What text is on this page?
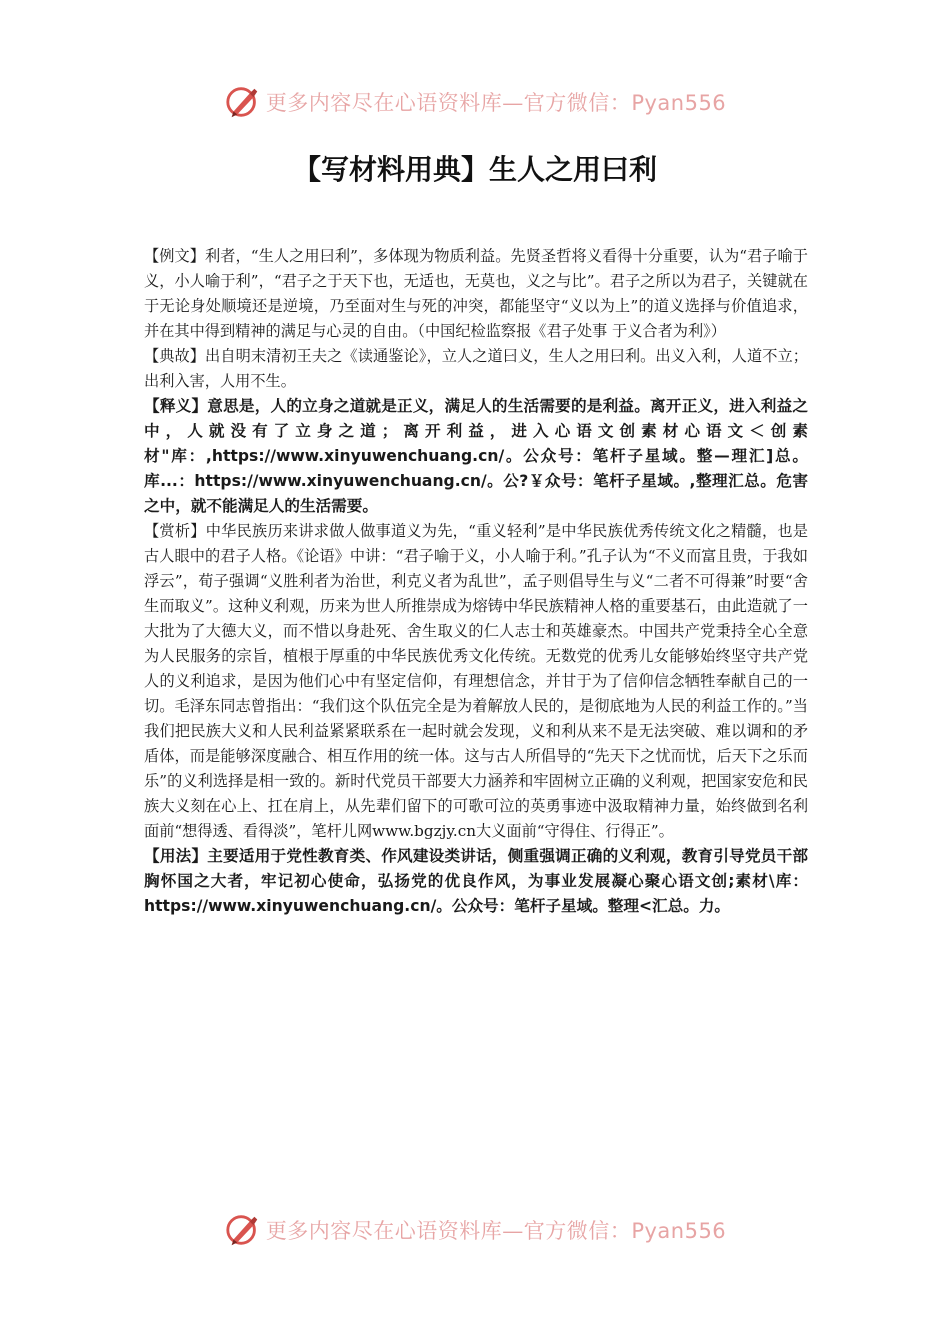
更多内容尽在心语资料库—官方微信：Pyan556
【写材料用典】生人之用曰利

【例文】利者，“生人之用曰利”，多体现为物质利益。先贤圣哲将义看得十分重要，认为“君子喻于义，小人喻于利”，“君子之于天下也，无适也，无莫也，义之与比”。君子之所以为君子，关键就在于无论身处顺境还是逆境，乃至面对生与死的冲突，都能坚守“义以为上”的道义选择与价值追求，并在其中得到精神的满足与心灵的自由。（中国纪检监察报《君子处事 于义合者为利》）

【典故】出自明末清初王夫之《读通鉴论》，立人之道曰义，生人之用曰利。出义入利，人道不立；出利入害，人用不生。

【释义】意思是，人的立身之道就是正义，满足人的生活需要的是利益。离开正义，进入利益之中，人就没有了立身之道；离开利益，进入心语文创素材心语文＜创素材"库：,https://www.xinyuwenchuang.cn/。公众号：笔杆子星域。整—理汇]总。库...：https://www.xinyuwenchuang.cn/。公?￥众号：笔杆子星域。,整理汇总。危害之中，就不能满足人的生活需要。

【赏析】中华民族历来讲求做人做事道义为先，“重义轻利”是中华民族优秀传统文化之精髓，也是古人眼中的君子人格。《论语》中讲：“君子喻于义，小人喻于利。”孔子认为“不义而富且贵，于我如浮云”，荀子强调“义胜利者为治世，利克义者为乱世”，孟子则倡导生与义“二者不可得兼”时要“舍生而取义”。这种义利观，历来为世人所推崇成为熔铸中华民族精神人格的重要基石，由此造就了一大批为了大德大义，而不惜以身赴死、舍生取义的仁人志士和英雄豪杰。中国共产党秉持全心全意为人民服务的宗旨，植根于厚重的中华民族优秀文化传统。无数党的优秀儿女能够始终坚守共产党人的义利追求，是因为他们心中有坚定信仰，有理想信念，并甘于为了信仰信念牺牲奉献自己的一切。毛泽东同志曾指出：“我们这个队伍完全是为着解放人民的，是彻底地为人民的利益工作的。”当我们把民族大义和人民利益紧紧联系在一起时就会发现，义和利从来不是无法突破、难以调和的矛盾体，而是能够深度融合、相互作用的统一体。这与古人所倡导的“先天下之忧而忧，后天下之乐而乐”的义利选择是相一致的。新时代党员干部要大力涵养和牢固树立正确的义利观，把国家安危和民族大义刻在心上、扛在肩上，从先辈们留下的可歌可泣的英勇事迹中汲取精神力量，始终做到名利面前“想得透、看得淡”，笔杆儿网www.bgzjy.cn大义面前“守得住、行得正”。

【用法】主要适用于党性教育类、作风建设类讲话，侧重强调正确的义利观，教育引导党员干部胸怀国之大者，牢记初心使命，弘扬党的优良作风，为事业发展凝心聚心语文创;素材\库：https://www.xinyuwenchuang.cn/。公众号：笔杆子星域。整理<汇总。力。

更多内容尽在心语资料库—官方微信：Pyan556
